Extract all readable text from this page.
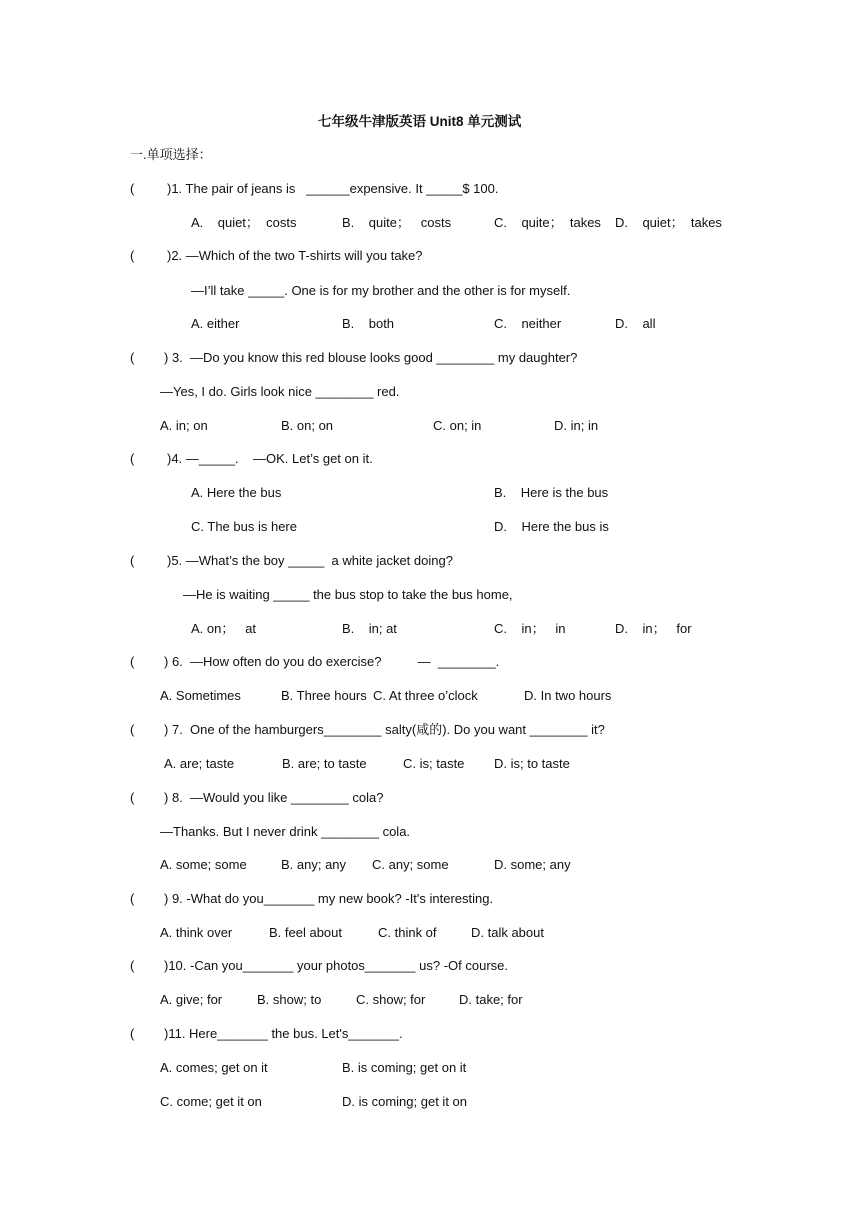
七年级牛津版英语 Unit8 单元测试
一.单项选择：
(	)1. The pair of jeans is   ______expensive. It _____$ 100.
A.    quiet；  costs	B.    quite；   costs	C.    quite；  takes D.    quiet；  takes
(	)2. —Which of the two T-shirts will you take?
—I’ll take _____. One is for my brother and the other is for myself.
A. either	B.    both	C.    neither	D.    all
( ) 3.  —Do you know this red blouse looks good ________ my daughter?
—Yes, I do. Girls look nice ________ red.
A. in; on	B. on; on	C. on; in	D. in; in
(	)4. —_____.    —OK. Let’s get on it.
A. Here the bus	B.    Here is the bus
C. The bus is here	D.    Here the bus is
(	)5. —What’s the boy _____  a white jacket doing?
—He is waiting _____ the bus stop to take the bus home,
A. on；   at	B.    in; at	C.    in；   in	D.    in；   for
( ) 6.  —How often do you do exercise?          —  ________.
A. Sometimes	B. Three hours C. At three o’clock	D. In two hours
( ) 7.  One of the hamburgers________ salty(咸的). Do you want ________ it?
A. are; taste	B. are; to taste	C. is; taste D. is; to taste
( ) 8.  —Would you like ________ cola?
—Thanks. But I never drink ________ cola.
A. some; some	B. any; any C. any; some	D. some; any
( ) 9. -What do you_______ my new book? -It's interesting.
A. think over	B. feel about	C. think of	D. talk about
( )10. -Can you_______ your photos_______ us? -Of course.
A. give; for	B. show; to	C. show; for	D. take; for
( )11. Here_______ the bus. Let's_______.
A. comes; get on it	B. is coming; get on it
C. come; get it on	D. is coming; get it on
